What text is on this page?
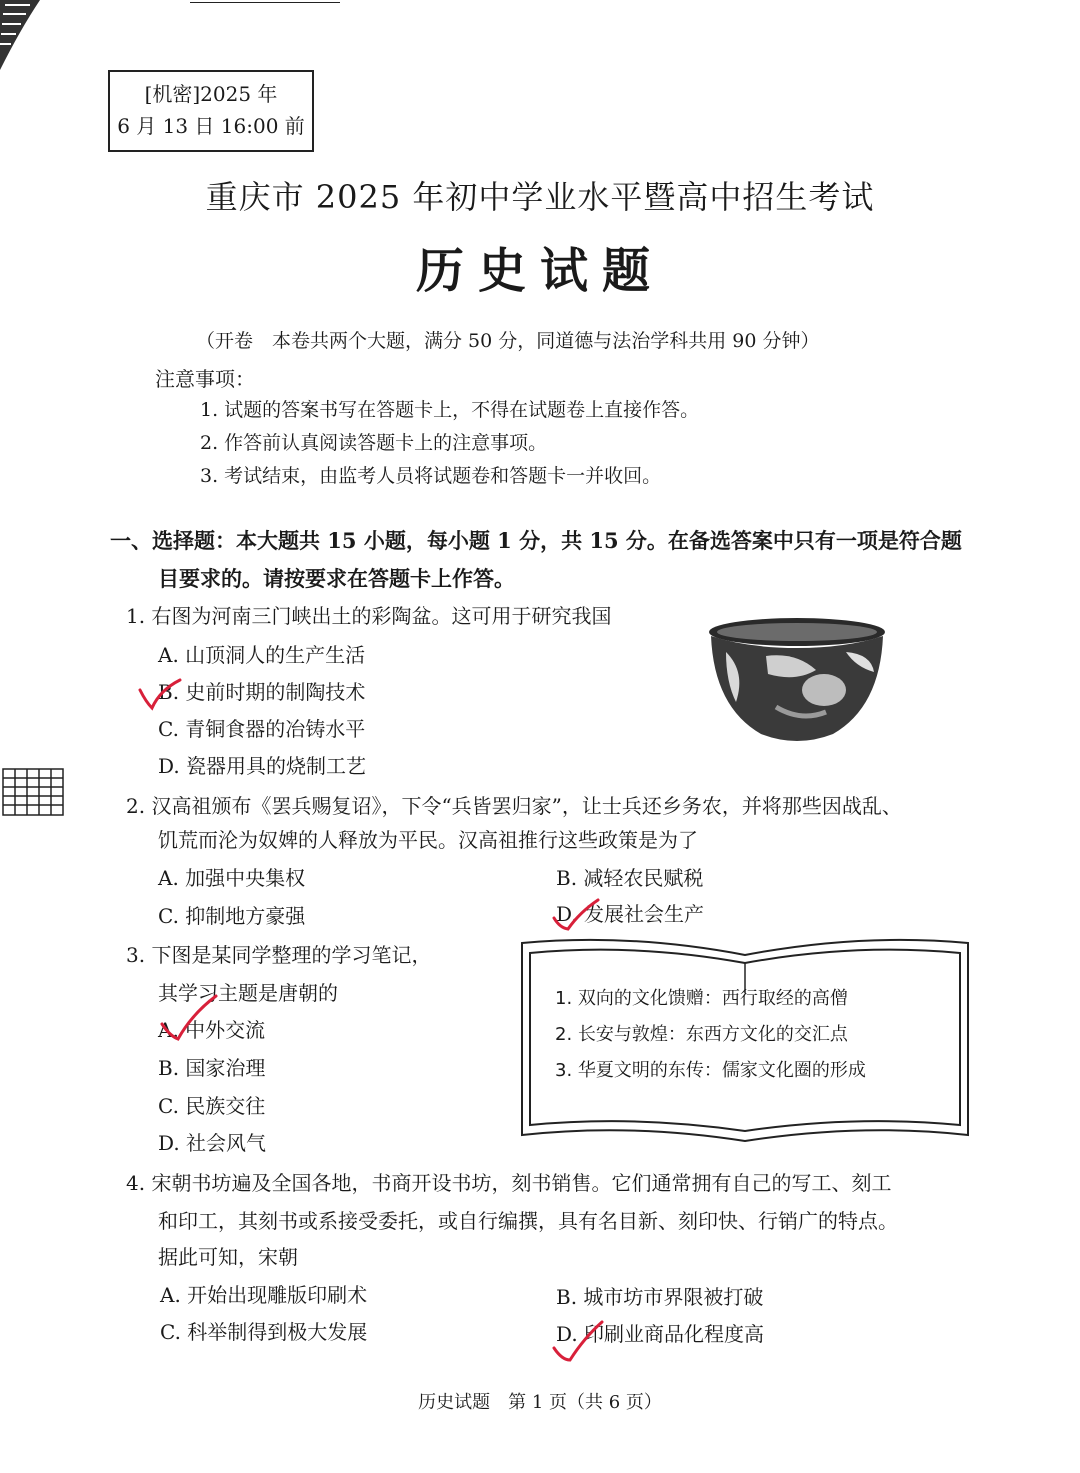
[机密]2025 年
6 月 13 日 16:00 前
重庆市 2025 年初中学业水平暨高中招生考试
历史试题
（开卷　本卷共两个大题，满分 50 分，同道德与法治学科共用 90 分钟）
注意事项：
1. 试题的答案书写在答题卡上，不得在试题卷上直接作答。
2. 作答前认真阅读答题卡上的注意事项。
3. 考试结束，由监考人员将试题卷和答题卡一并收回。
一、选择题：本大题共 15 小题，每小题 1 分，共 15 分。在备选答案中只有一项是符合题
目要求的。请按要求在答题卡上作答。
1. 右图为河南三门峡出土的彩陶盆。这可用于研究我国
A. 山顶洞人的生产生活
B. 史前时期的制陶技术
C. 青铜食器的冶铸水平
D. 瓷器用具的烧制工艺
2. 汉高祖颁布《罢兵赐复诏》，下令“兵皆罢归家”，让士兵还乡务农，并将那些因战乱、
饥荒而沦为奴婢的人释放为平民。汉高祖推行这些政策是为了
A. 加强中央集权	B. 减轻农民赋税
C. 抑制地方豪强	D. 发展社会生产
3. 下图是某同学整理的学习笔记，
其学习主题是唐朝的
A. 中外交流
B. 国家治理
C. 民族交往
D. 社会风气
1. 双向的文化馈赠：西行取经的高僧
2. 长安与敦煌：东西方文化的交汇点
3. 华夏文明的东传：儒家文化圈的形成
4. 宋朝书坊遍及全国各地，书商开设书坊，刻书销售。它们通常拥有自己的写工、刻工
和印工，其刻书或系接受委托，或自行编撰，具有名目新、刻印快、行销广的特点。
据此可知，宋朝
A. 开始出现雕版印刷术	B. 城市坊市界限被打破
C. 科举制得到极大发展	D. 印刷业商品化程度高
历史试题　第 1 页（共 6 页）
